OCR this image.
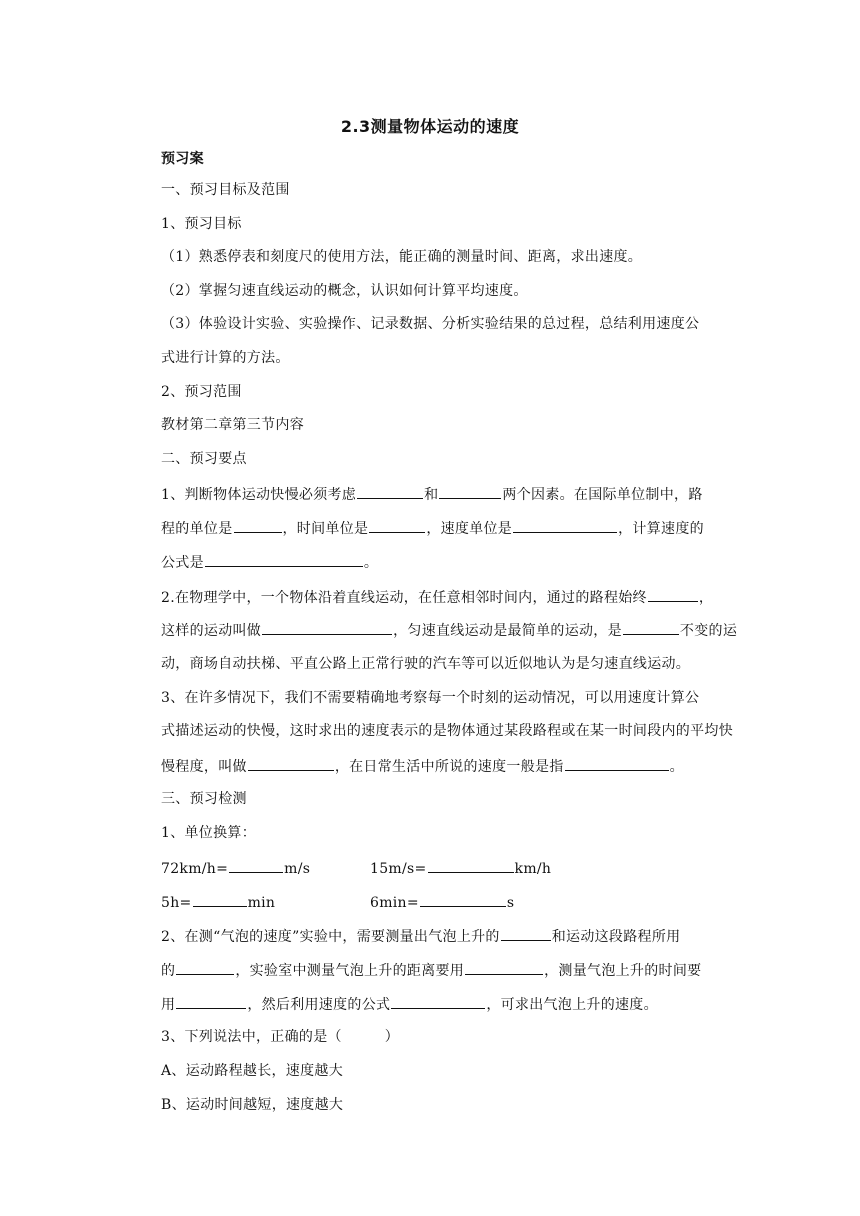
2.3测量物体运动的速度
预习案
一、预习目标及范围
1、预习目标
（1）熟悉停表和刻度尺的使用方法，能正确的测量时间、距离，求出速度。
（2）掌握匀速直线运动的概念，认识如何计算平均速度。
（3）体验设计实验、实验操作、记录数据、分析实验结果的总过程，总结利用速度公
式进行计算的方法。
2、预习范围
教材第二章第三节内容
二、预习要点
1、判断物体运动快慢必须考虑	和	两个因素。在国际单位制中，路
程的单位是	，时间单位是	，速度单位是	，计算速度的
公式是	。
2.在物理学中，一个物体沿着直线运动，在任意相邻时间内，通过的路程始终	，
这样的运动叫做	，匀速直线运动是最简单的运动，是	不变的运
动，商场自动扶梯、平直公路上正常行驶的汽车等可以近似地认为是匀速直线运动。
3、在许多情况下，我们不需要精确地考察每一个时刻的运动情况，可以用速度计算公
式描述运动的快慢，这时求出的速度表示的是物体通过某段路程或在某一时间段内的平均快
慢程度，叫做	，在日常生活中所说的速度一般是指	。
三、预习检测
1、单位换算：
72km/h=	m/s	15m/s=	km/h
5h=	min	6min=	s
2、在测“气泡的速度”实验中，需要测量出气泡上升的	和运动这段路程所用
的	，实验室中测量气泡上升的距离要用	，测量气泡上升的时间要
用	，然后利用速度的公式	，可求出气泡上升的速度。
3、下列说法中，正确的是（　　　）
A、运动路程越长，速度越大
B、运动时间越短，速度越大
